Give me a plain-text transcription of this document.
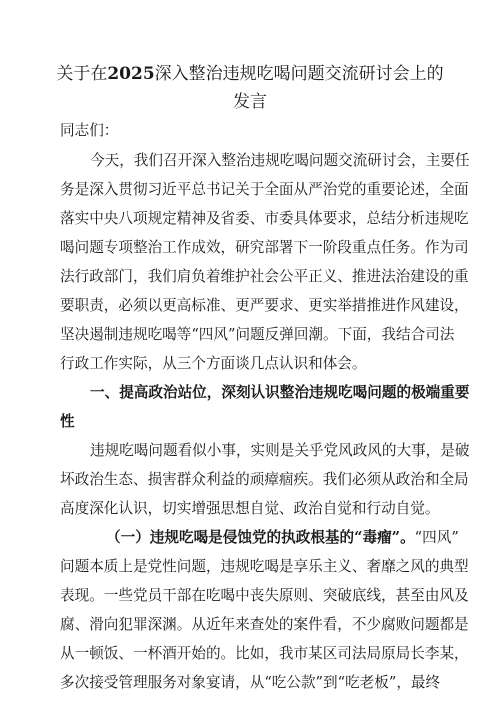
关于在2025深入整治违规吃喝问题交流研讨会上的
发言
同志们：
今天，我们召开深入整治违规吃喝问题交流研讨会，主要任
务是深入贯彻习近平总书记关于全面从严治党的重要论述，全面
落实中央八项规定精神及省委、市委具体要求，总结分析违规吃
喝问题专项整治工作成效，研究部署下一阶段重点任务。作为司
法行政部门，我们肩负着维护社会公平正义、推进法治建设的重
要职责，必须以更高标准、更严要求、更实举措推进作风建设，
坚决遏制违规吃喝等“四风”问题反弹回潮。下面，我结合司法
行政工作实际，从三个方面谈几点认识和体会。
一、提高政治站位，深刻认识整治违规吃喝问题的极端重要
性
违规吃喝问题看似小事，实则是关乎党风政风的大事，是破
坏政治生态、损害群众利益的顽瘴痼疾。我们必须从政治和全局
高度深化认识，切实增强思想自觉、政治自觉和行动自觉。
（一）违规吃喝是侵蚀党的执政根基的“毒瘤”。“四风”
问题本质上是党性问题，违规吃喝是享乐主义、奢靡之风的典型
表现。一些党员干部在吃喝中丧失原则、突破底线，甚至由风及
腐、滑向犯罪深渊。从近年来查处的案件看，不少腐败问题都是
从一顿饭、一杯酒开始的。比如，我市某区司法局原局长李某，
多次接受管理服务对象宴请，从“吃公款”到“吃老板”，最终
